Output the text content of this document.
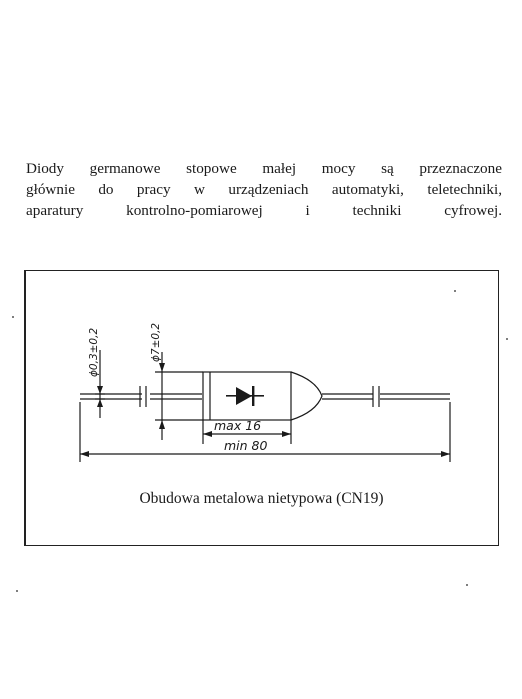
Diody germanowe stopowe małej mocy są przeznaczone
głównie do pracy w urządzeniach automatyki, teletechniki,
aparatury kontrolno-pomiarowej i techniki cyfrowej.
ϕ0,3±0,2	ϕ7±0,2
max 16
min 80

Obudowa metalowa nietypowa (CN19)
